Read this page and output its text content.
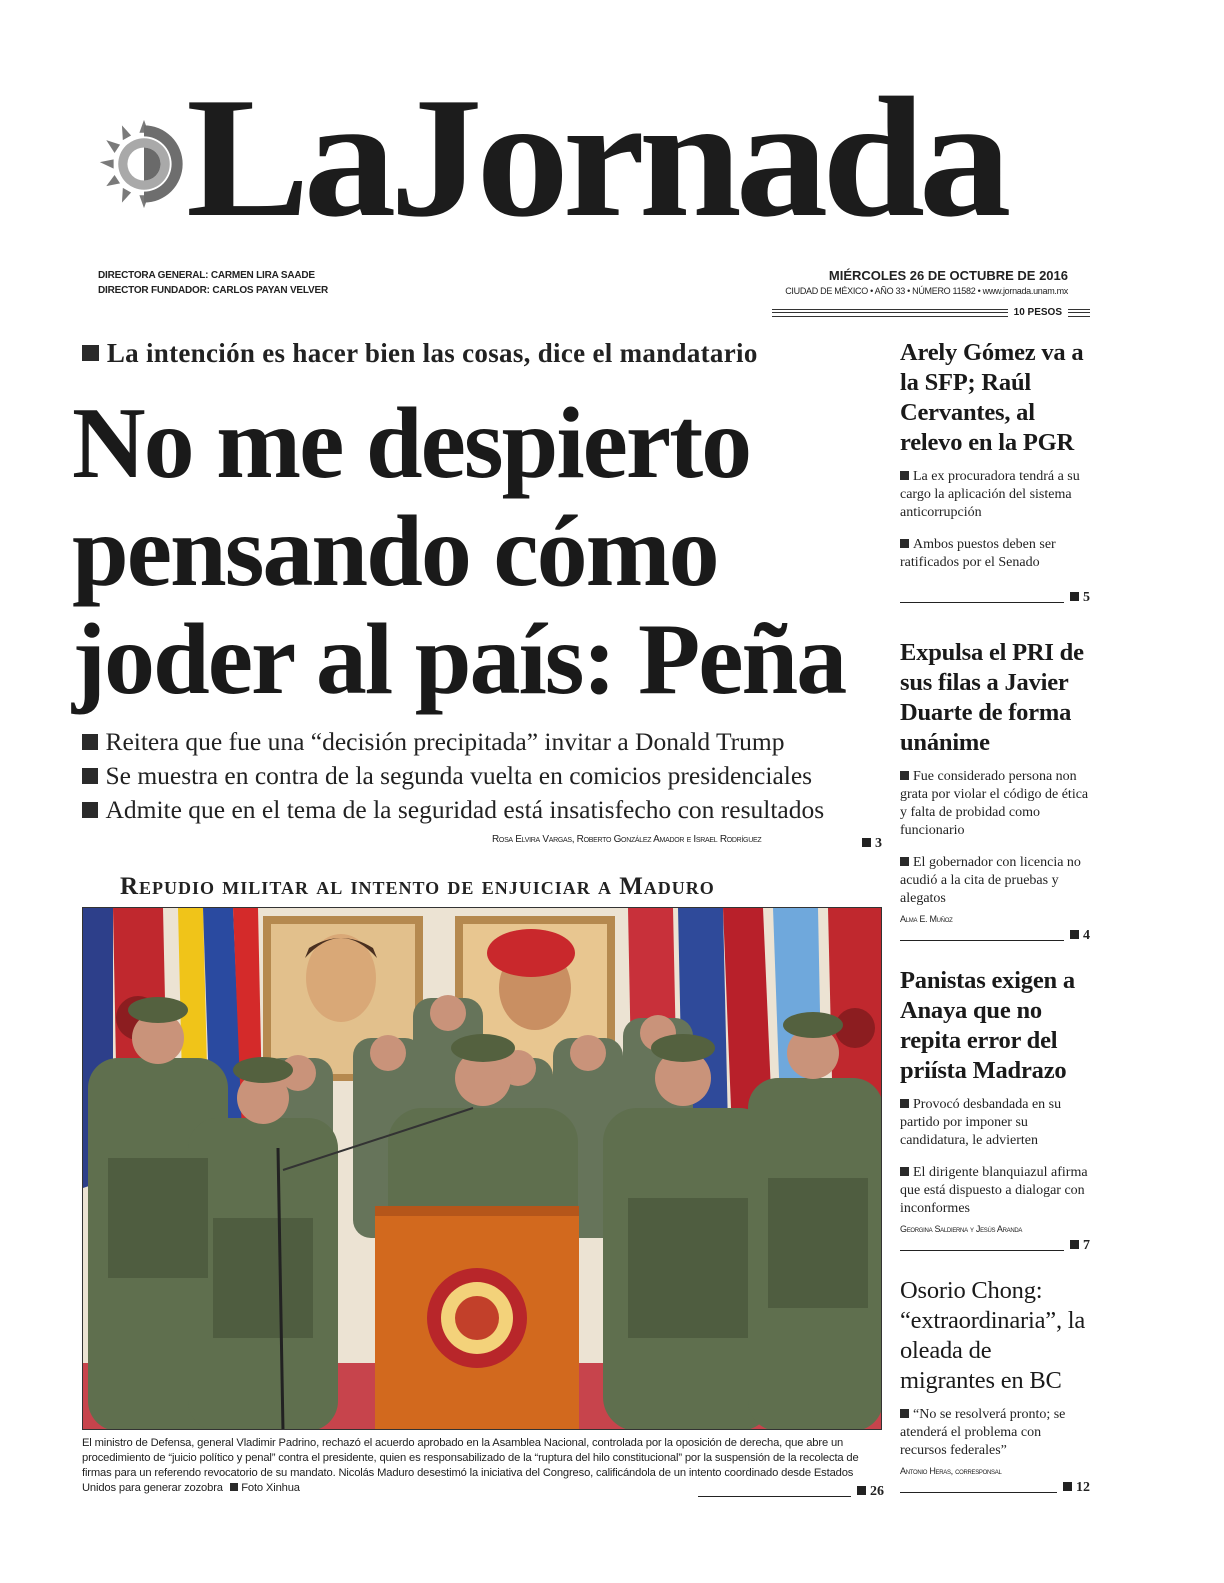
LaJornada
DIRECTORA GENERAL: CARMEN LIRA SAADE
DIRECTOR FUNDADOR: CARLOS PAYAN VELVER
MIÉRCOLES 26 DE OCTUBRE DE 2016
CIUDAD DE MÉXICO • AÑO 33 • NÚMERO 11582 • www.jornada.unam.mx
10 PESOS
La intención es hacer bien las cosas, dice el mandatario
No me despierto
pensando cómo
joder al país: Peña
Reitera que fue una “decisión precipitada” invitar a Donald Trump
Se muestra en contra de la segunda vuelta en comicios presidenciales
Admite que en el tema de la seguridad está insatisfecho con resultados
Rosa Elvira Vargas, Roberto González Amador e Israel Rodríguez	3
Repudio militar al intento de enjuiciar a Maduro
El ministro de Defensa, general Vladimir Padrino, rechazó el acuerdo aprobado en la Asamblea Nacional, controlada por la oposición de derecha, que abre un procedimiento de “juicio político y penal” contra el presidente, quien es responsabilizado de la “ruptura del hilo constitucional” por la suspensión de la recolecta de firmas para un referendo revocatorio de su mandato. Nicolás Maduro desestimó la iniciativa del Congreso, calificándola de un intento coordinado desde Estados Unidos para generar zozobra Foto Xinhua	26
Arely Gómez va a la SFP; Raúl Cervantes, al relevo en la PGR
La ex procuradora tendrá a su cargo la aplicación del sistema anticorrupción
Ambos puestos deben ser ratificados por el Senado
5
Expulsa el PRI de sus filas a Javier Duarte de forma unánime
Fue considerado persona non grata por violar el código de ética y falta de probidad como funcionario
El gobernador con licencia no acudió a la cita de pruebas y alegatos
Alma E. Muñoz
4
Panistas exigen a Anaya que no repita error del priísta Madrazo
Provocó desbandada en su partido por imponer su candidatura, le advierten
El dirigente blanquiazul afirma que está dispuesto a dialogar con inconformes
Georgina Saldierna y Jesús Aranda
7
Osorio Chong: “extraordinaria”, la oleada de migrantes en BC
“No se resolverá pronto; se atenderá el problema con recursos federales”
Antonio Heras, corresponsal
12
